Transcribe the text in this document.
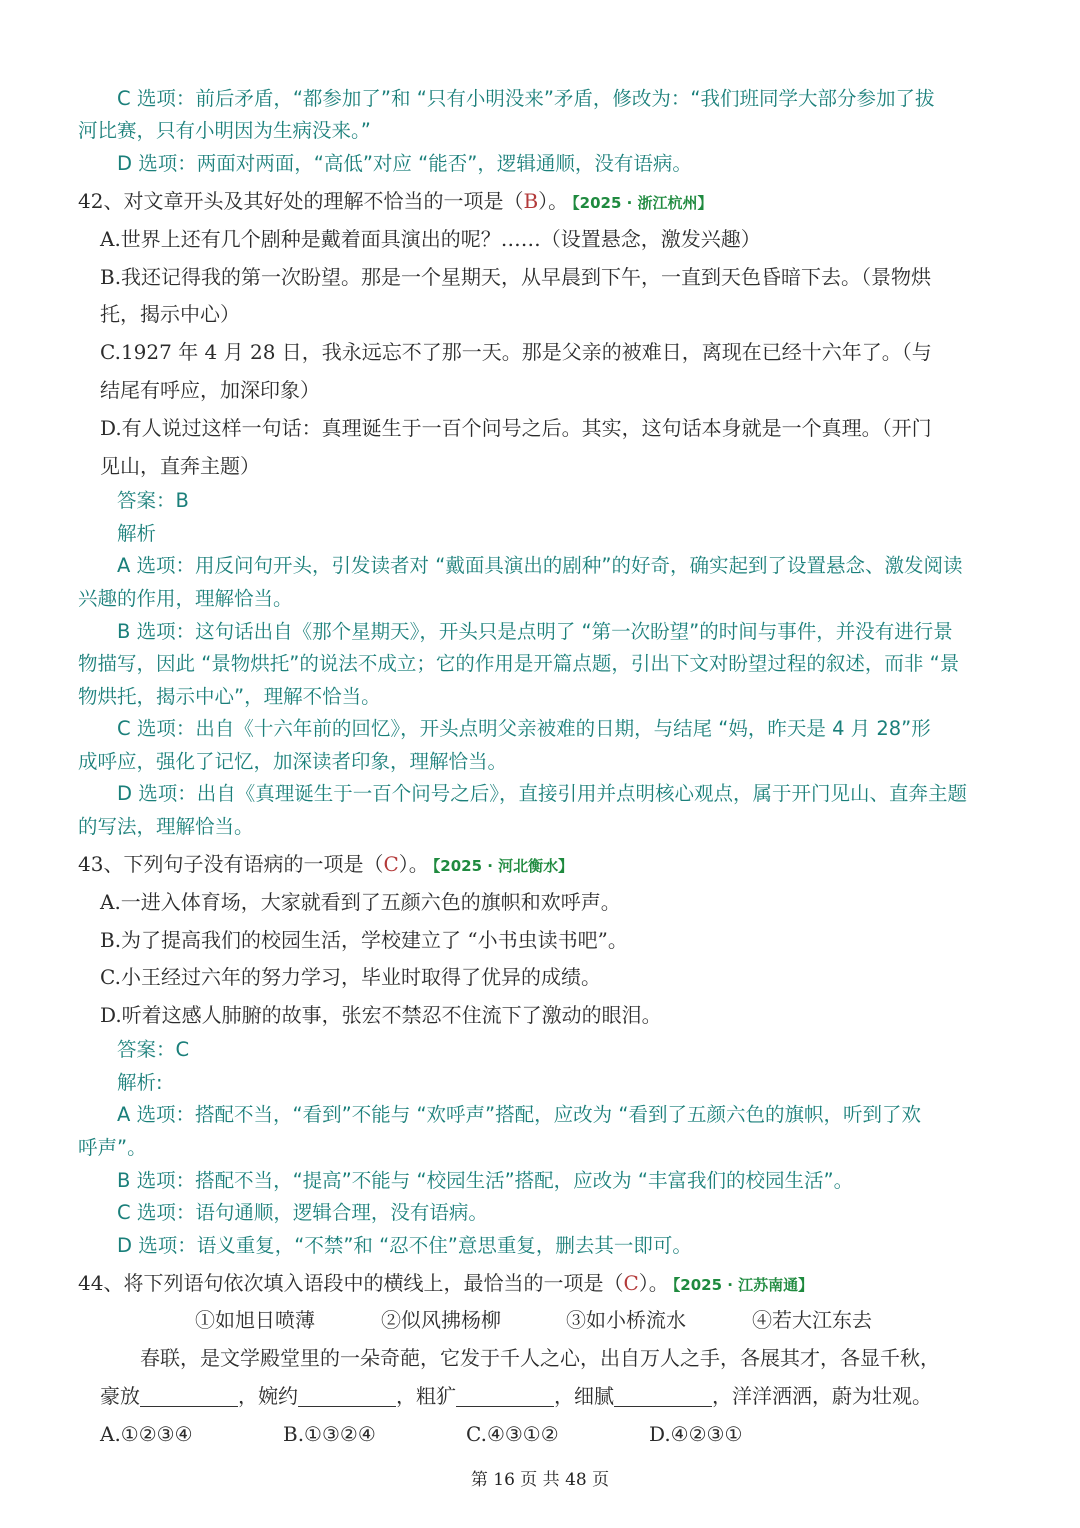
C 选项：前后矛盾，“都参加了”和 “只有小明没来”矛盾，修改为：“我们班同学大部分参加了拔
河比赛，只有小明因为生病没来。”
D 选项：两面对两面，“高低”对应 “能否”，逻辑通顺，没有语病。
42、对文章开头及其好处的理解不恰当的一项是（B）。 【2025 · 浙江杭州】
A.世界上还有几个剧种是戴着面具演出的呢？……（设置悬念，激发兴趣）
B.我还记得我的第一次盼望。那是一个星期天，从早晨到下午，一直到天色昏暗下去。（景物烘
托，揭示中心）
C.1927 年 4 月 28 日，我永远忘不了那一天。那是父亲的被难日，离现在已经十六年了。（与
结尾有呼应，加深印象）
D.有人说过这样一句话：真理诞生于一百个问号之后。其实，这句话本身就是一个真理。（开门
见山，直奔主题）
答案：B
解析
A 选项：用反问句开头，引发读者对 “戴面具演出的剧种”的好奇，确实起到了设置悬念、激发阅读
兴趣的作用，理解恰当。
B 选项：这句话出自《那个星期天》，开头只是点明了 “第一次盼望”的时间与事件，并没有进行景
物描写，因此 “景物烘托”的说法不成立；它的作用是开篇点题，引出下文对盼望过程的叙述，而非 “景
物烘托，揭示中心”，理解不恰当。
C 选项：出自《十六年前的回忆》，开头点明父亲被难的日期，与结尾 “妈，昨天是 4 月 28”形
成呼应，强化了记忆，加深读者印象，理解恰当。
D 选项：出自《真理诞生于一百个问号之后》，直接引用并点明核心观点，属于开门见山、直奔主题
的写法，理解恰当。
43、下列句子没有语病的一项是（C）。 【2025 · 河北衡水】
A.一进入体育场，大家就看到了五颜六色的旗帜和欢呼声。
B.为了提高我们的校园生活，学校建立了 “小书虫读书吧”。
C.小王经过六年的努力学习，毕业时取得了优异的成绩。
D.听着这感人肺腑的故事，张宏不禁忍不住流下了激动的眼泪。
答案：C
解析:
A 选项：搭配不当，“看到”不能与 “欢呼声”搭配，应改为 “看到了五颜六色的旗帜，听到了欢
呼声”。
B 选项：搭配不当，“提高”不能与 “校园生活”搭配，应改为 “丰富我们的校园生活”。
C 选项：语句通顺，逻辑合理，没有语病。
D 选项：语义重复，“不禁”和 “忍不住”意思重复，删去其一即可。
44、将下列语句依次填入语段中的横线上，最恰当的一项是（C）。 【2025 · 江苏南通】
①如旭日喷薄	②似风拂杨柳	③如小桥流水	④若大江东去
春联，是文学殿堂里的一朵奇葩，它发于千人之心，出自万人之手，各展其才，各显千秋，
豪放	，婉约	，粗犷	，细腻	，洋洋洒洒，蔚为壮观。
A.①②③④	B.①③②④	C.④③①②	D.④②③①
第 16 页 共 48 页
